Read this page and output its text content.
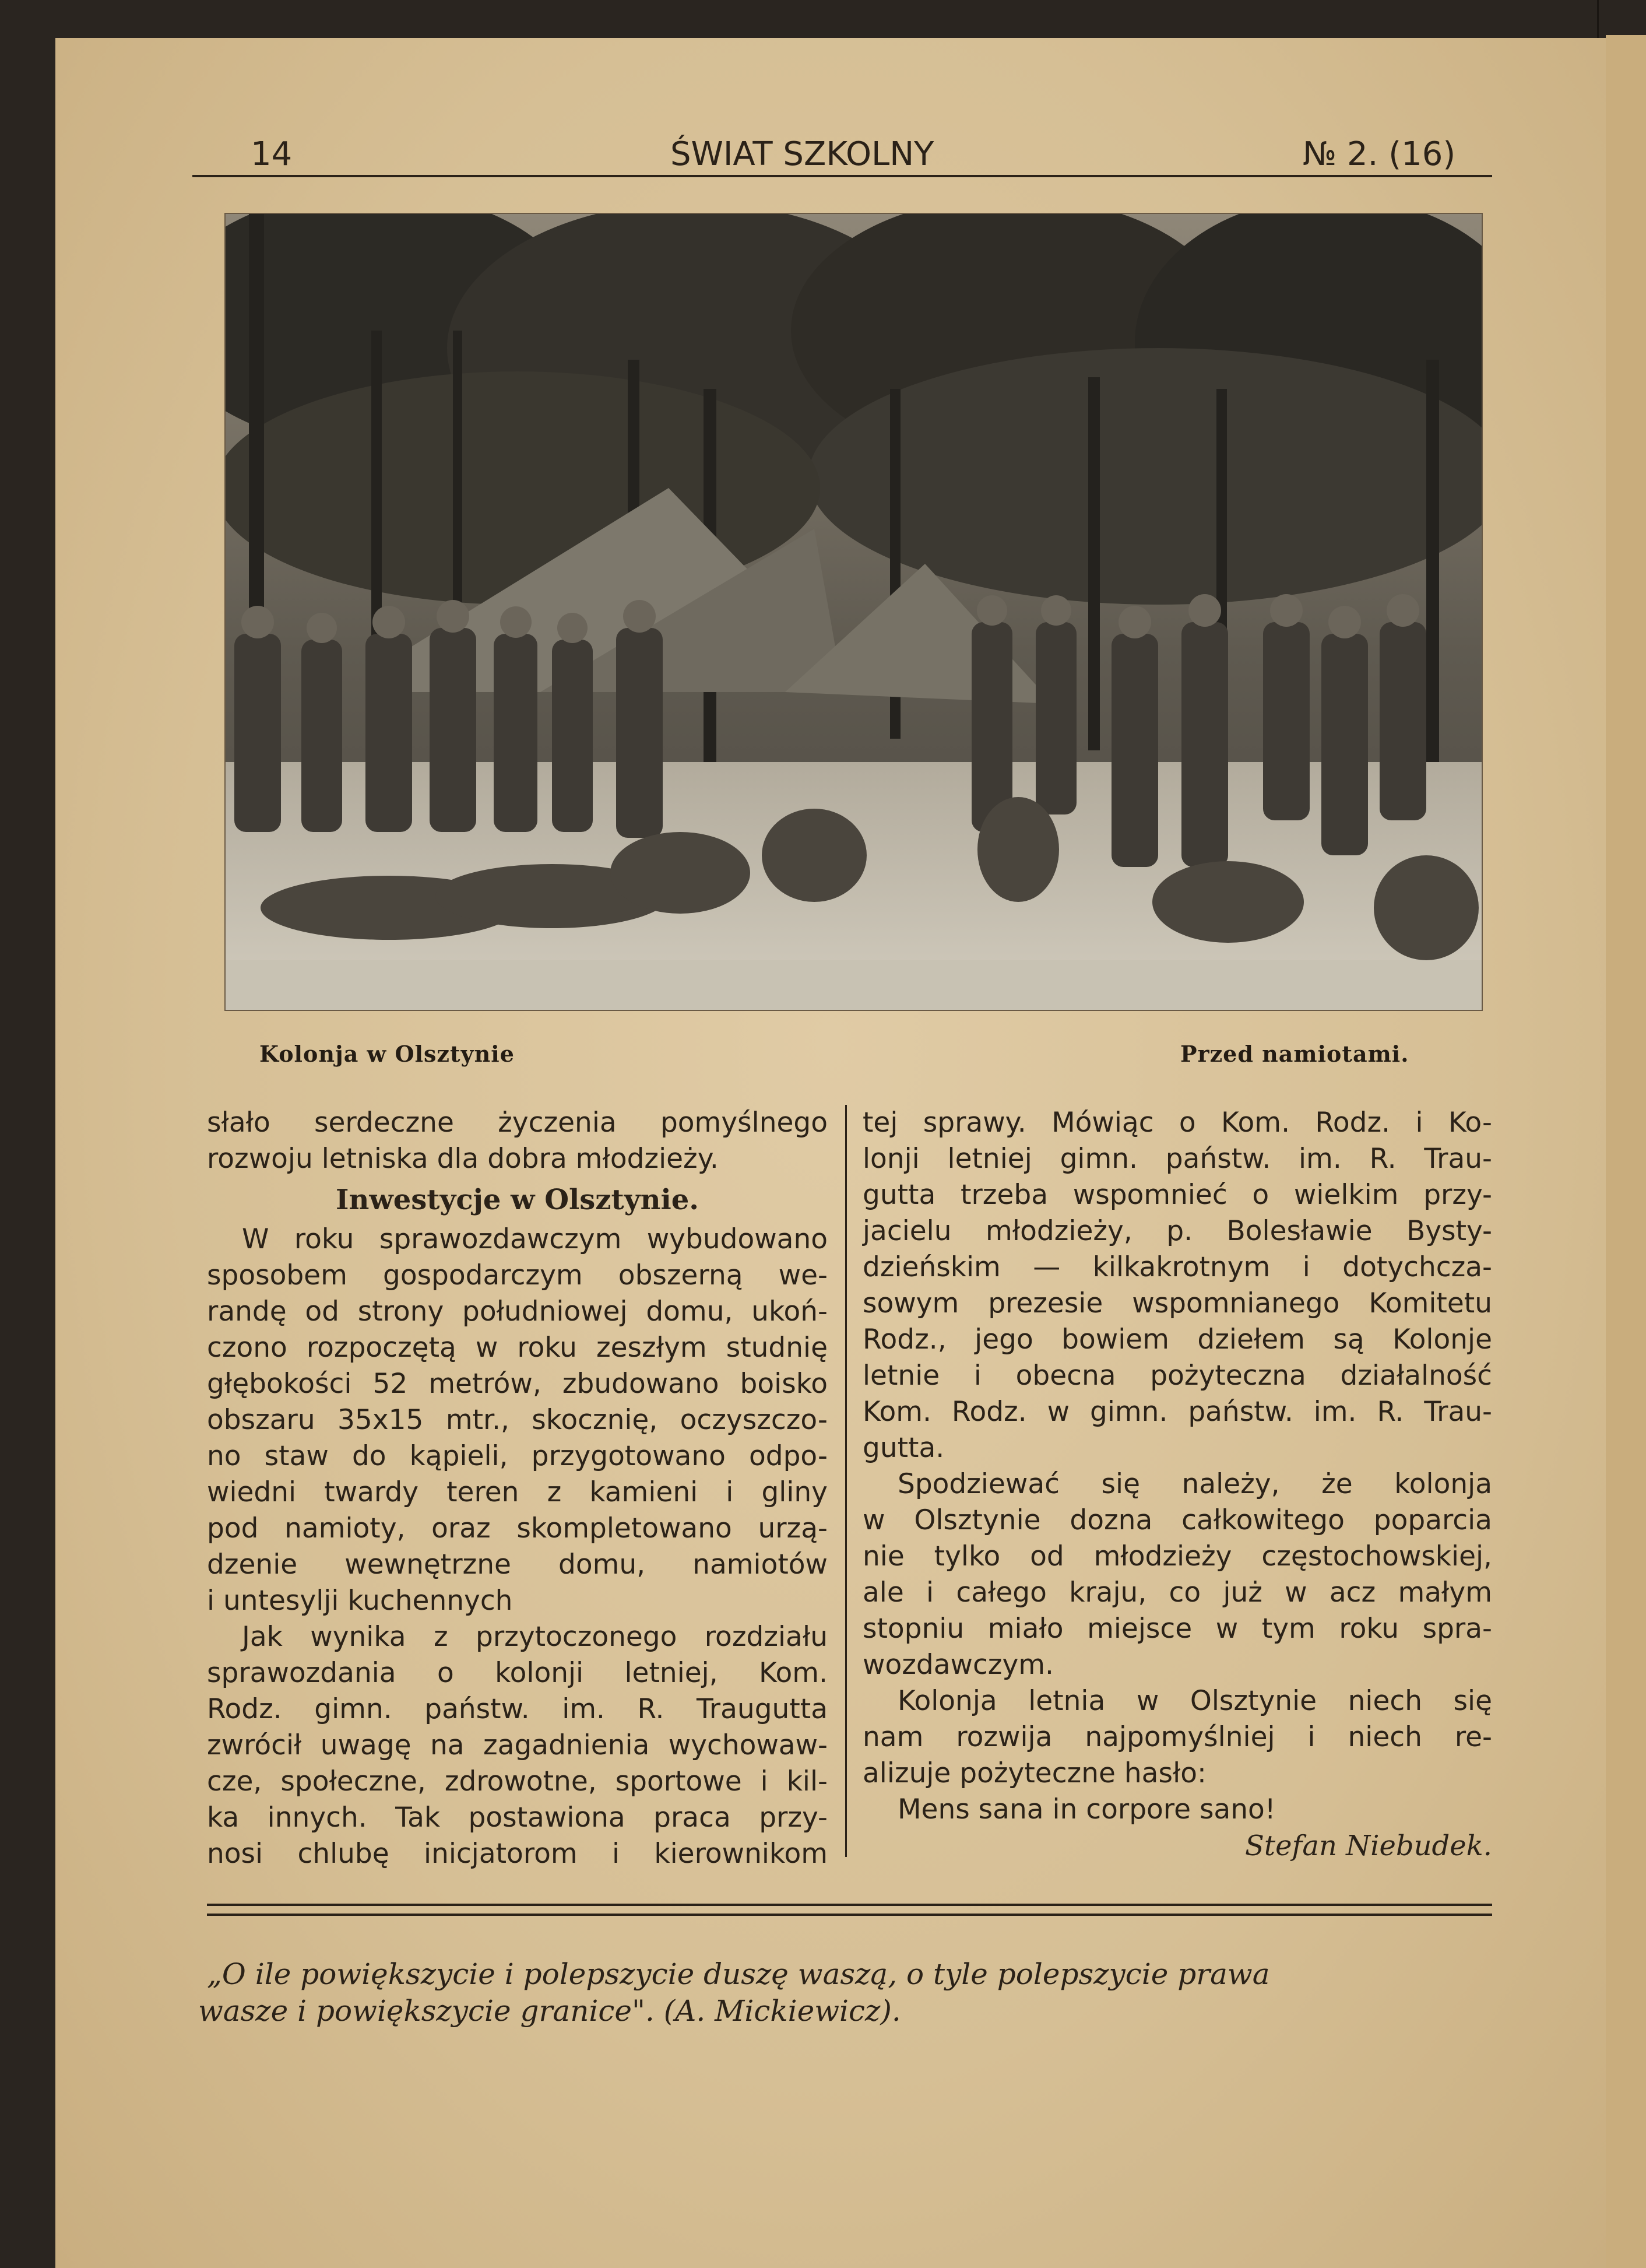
14	ŚWIAT SZKOLNY	№ 2. (16)
Kolonja w Olsztynie	Przed namiotami.

słało serdeczne życzenia pomyślnego

rozwoju letniska dla dobra młodzieży.

Inwestycje w Olsztynie.

W roku sprawozdawczym wybudowano

sposobem gospodarczym obszerną we-

randę od strony południowej domu, ukoń-

czono rozpoczętą w roku zeszłym studnię

głębokości 52 metrów, zbudowano boisko

obszaru 35x15 mtr., skocznię, oczyszczo-

no staw do kąpieli, przygotowano odpo-

wiedni twardy teren z kamieni i gliny

pod namioty, oraz skompletowano urzą-

dzenie wewnętrzne domu, namiotów

i untesylji kuchennych

Jak wynika z przytoczonego rozdziału

sprawozdania o kolonji letniej, Kom.

Rodz. gimn. państw. im. R. Traugutta

zwrócił uwagę na zagadnienia wychowaw-

cze, społeczne, zdrowotne, sportowe i kil-

ka innych. Tak postawiona praca przy-

nosi chlubę inicjatorom i kierownikom

tej sprawy. Mówiąc o Kom. Rodz. i Ko-

lonji letniej gimn. państw. im. R. Trau-

gutta trzeba wspomnieć o wielkim przy-

jacielu młodzieży, p. Bolesławie Bysty-

dzieńskim — kilkakrotnym i dotychcza-

sowym prezesie wspomnianego Komitetu

Rodz., jego bowiem dziełem są Kolonje

letnie i obecna pożyteczna działalność

Kom. Rodz. w gimn. państw. im. R. Trau-

gutta.

Spodziewać się należy, że kolonja

w Olsztynie dozna całkowitego poparcia

nie tylko od młodzieży częstochowskiej,

ale i całego kraju, co już w acz małym

stopniu miało miejsce w tym roku spra-

wozdawczym.

Kolonja letnia w Olsztynie niech się

nam rozwija najpomyślniej i niech re-

alizuje pożyteczne hasło:

Mens sana in corpore sano!

Stefan Niebudek.

„O ile powiększycie i polepszycie duszę waszą, o tyle polepszycie prawa
wasze i powiększycie granice". (A. Mickiewicz).
